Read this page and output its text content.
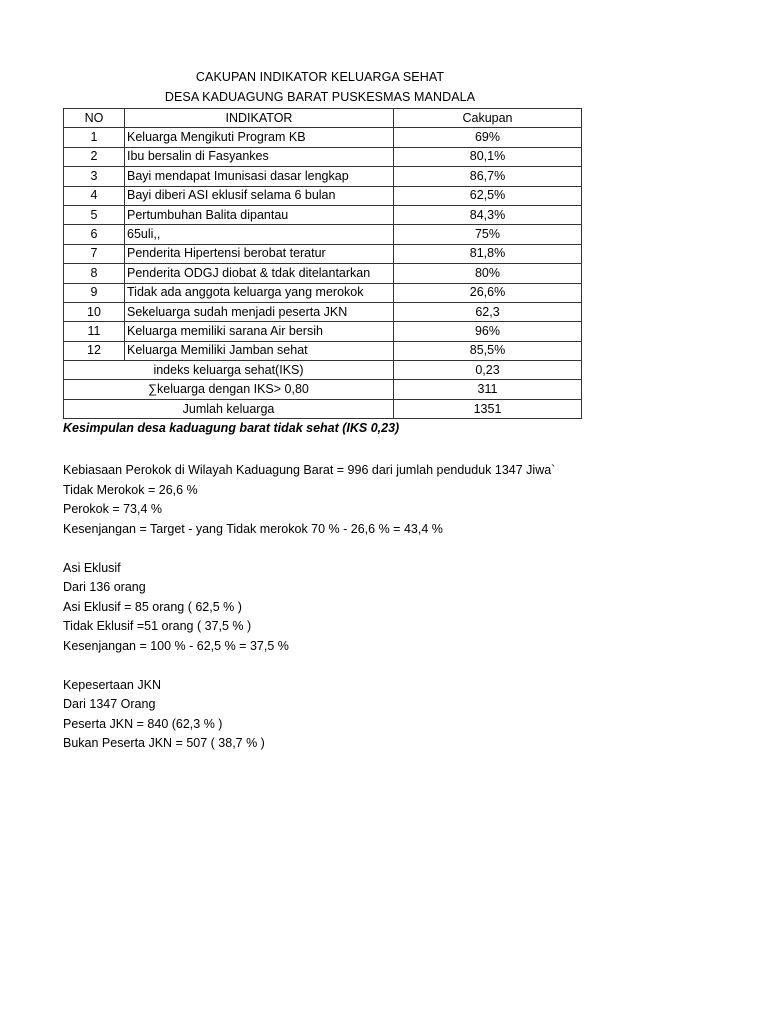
CAKUPAN INDIKATOR KELUARGA SEHAT
DESA KADUAGUNG BARAT PUSKESMAS MANDALA
NO	INDIKATOR	Cakupan
1	Keluarga Mengikuti Program KB	69%
2	Ibu bersalin di Fasyankes	80,1%
3	Bayi mendapat Imunisasi dasar lengkap	86,7%
4	Bayi diberi ASI eklusif selama 6 bulan	62,5%
5	Pertumbuhan Balita dipantau	84,3%
6	65uli,,	75%
7	Penderita Hipertensi berobat teratur	81,8%
8	Penderita ODGJ diobat & tdak ditelantarkan	80%
9	Tidak ada anggota keluarga yang merokok	26,6%
10	Sekeluarga sudah menjadi peserta JKN	62,3
11	Keluarga memiliki sarana Air bersih	96%
12	Keluarga Memiliki Jamban sehat	85,5%
indeks keluarga sehat(IKS)		0,23
∑keluarga dengan IKS> 0,80		311
Jumlah keluarga		1351
Kesimpulan desa kaduagung barat tidak sehat (IKS 0,23)
Kebiasaan Perokok di Wilayah Kaduagung Barat = 996 dari jumlah penduduk 1347 Jiwa`
Tidak Merokok = 26,6 %
Perokok = 73,4 %
Kesenjangan = Target - yang Tidak merokok 70 % - 26,6 % = 43,4 %
Asi Eklusif
Dari 136 orang
Asi Eklusif = 85 orang ( 62,5 % )
Tidak Eklusif =51 orang ( 37,5 % )
Kesenjangan = 100 % - 62,5 % = 37,5 %
Kepesertaan JKN
Dari 1347 Orang
Peserta JKN = 840 (62,3 % )
Bukan Peserta JKN = 507 ( 38,7 % )
